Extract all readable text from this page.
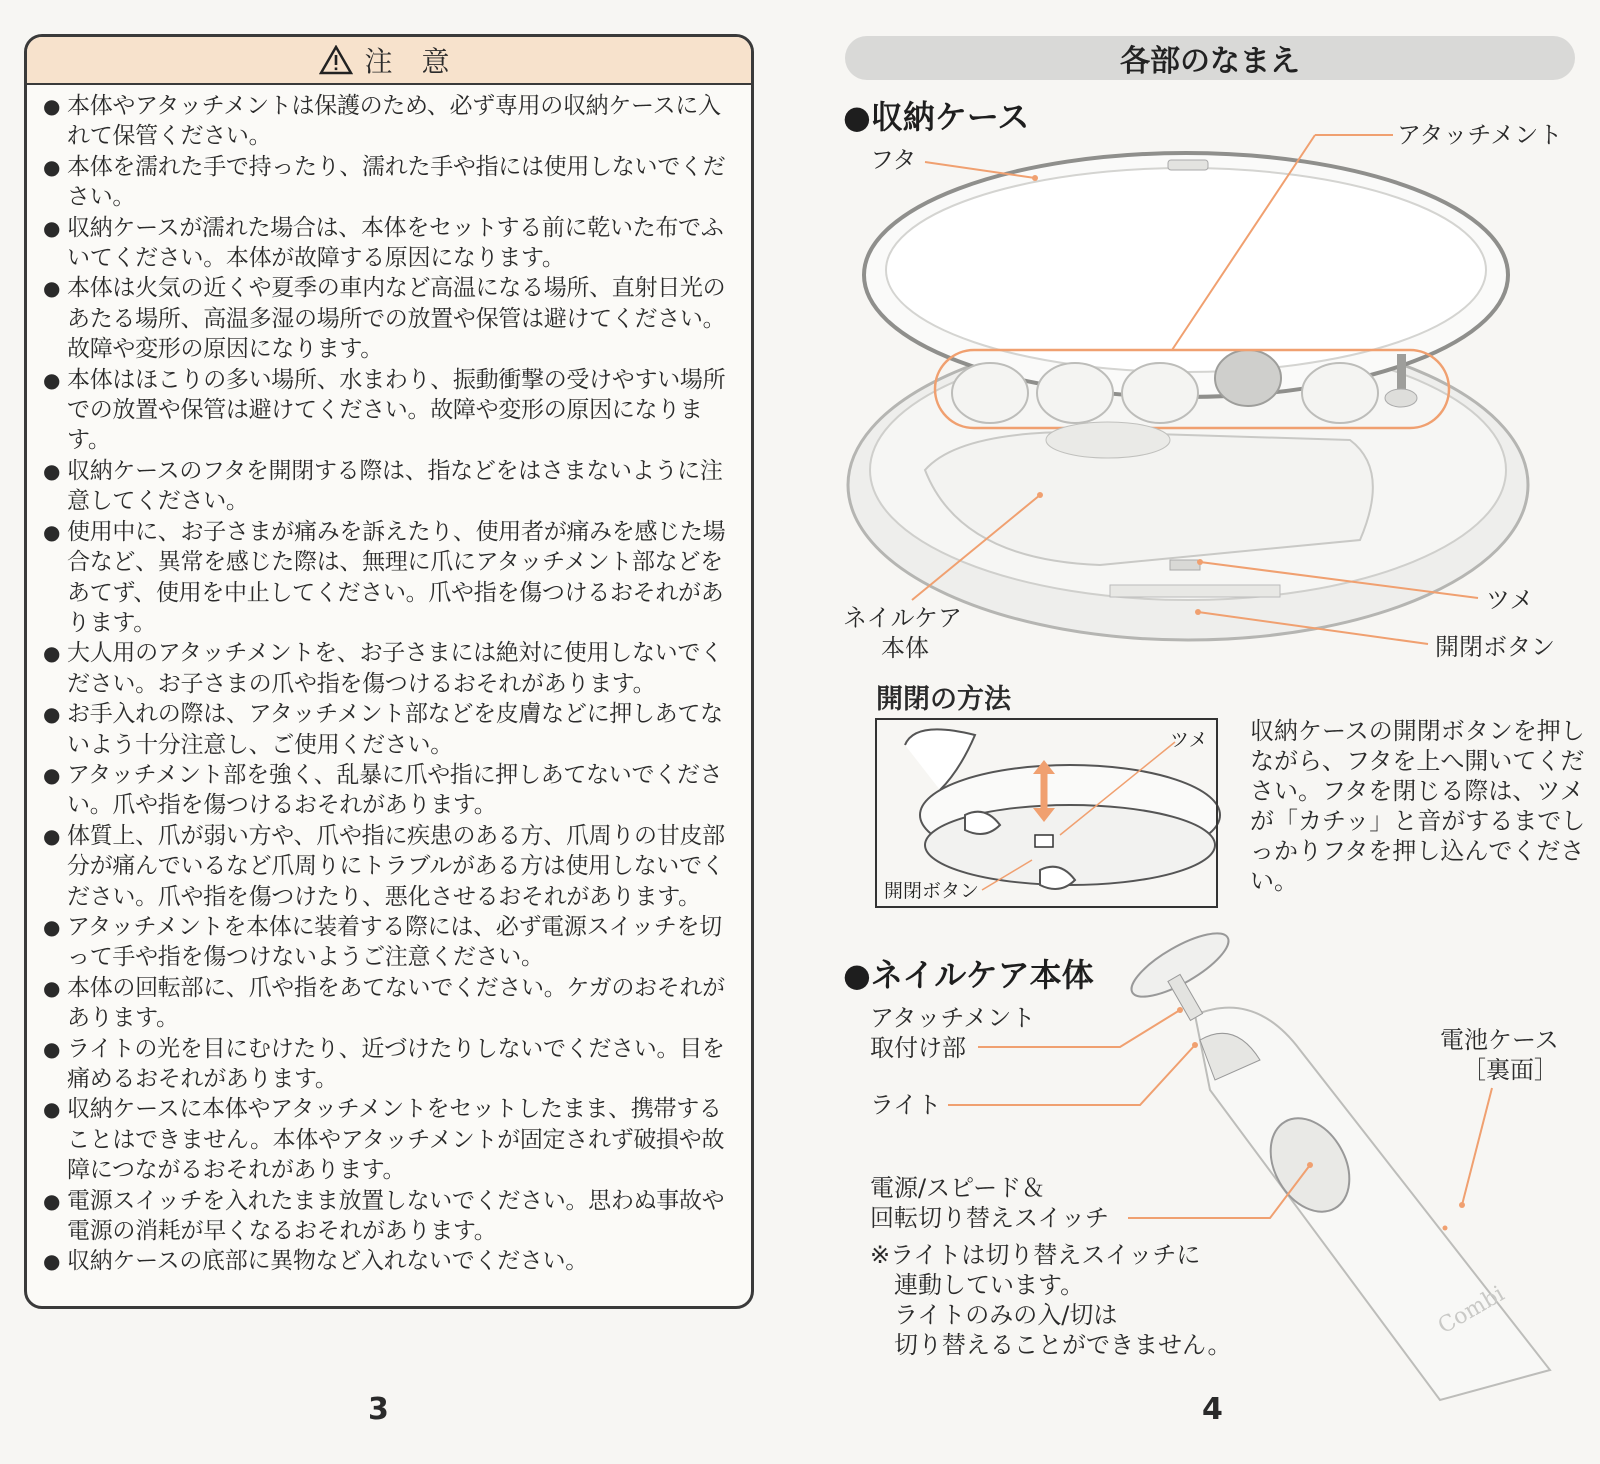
注 意
● 本体やアタッチメントは保護のため、必ず専用の収納ケースに入れて保管ください。
● 本体を濡れた手で持ったり、濡れた手や指には使用しないでください。
● 収納ケースが濡れた場合は、本体をセットする前に乾いた布でふいてください。本体が故障する原因になります。
● 本体は火気の近くや夏季の車内など高温になる場所、直射日光のあたる場所、高温多湿の場所での放置や保管は避けてください。故障や変形の原因になります。
● 本体はほこりの多い場所、水まわり、振動衝撃の受けやすい場所での放置や保管は避けてください。故障や変形の原因になります。
● 収納ケースのフタを開閉する際は、指などをはさまないように注意してください。
● 使用中に、お子さまが痛みを訴えたり、使用者が痛みを感じた場合など、異常を感じた際は、無理に爪にアタッチメント部などをあてず、使用を中止してください。爪や指を傷つけるおそれがあります。
● 大人用のアタッチメントを、お子さまには絶対に使用しないでください。お子さまの爪や指を傷つけるおそれがあります。
● お手入れの際は、アタッチメント部などを皮膚などに押しあてないよう十分注意し、ご使用ください。
● アタッチメント部を強く、乱暴に爪や指に押しあてないでください。爪や指を傷つけるおそれがあります。
● 体質上、爪が弱い方や、爪や指に疾患のある方、爪周りの甘皮部分が痛んでいるなど爪周りにトラブルがある方は使用しないでください。爪や指を傷つけたり、悪化させるおそれがあります。
● アタッチメントを本体に装着する際には、必ず電源スイッチを切って手や指を傷つけないようご注意ください。
● 本体の回転部に、爪や指をあてないでください。ケガのおそれがあります。
● ライトの光を目にむけたり、近づけたりしないでください。目を痛めるおそれがあります。
● 収納ケースに本体やアタッチメントをセットしたまま、携帯することはできません。本体やアタッチメントが固定されず破損や故障につながるおそれがあります。
● 電源スイッチを入れたまま放置しないでください。思わぬ事故や電源の消耗が早くなるおそれがあります。
● 収納ケースの底部に異物など入れないでください。
3
各部のなまえ
●収納ケース
Combi
フタ
アタッチメント
ネイルケア
本体
ツメ
開閉ボタン
開閉の方法
ツメ
開閉ボタン
収納ケースの開閉ボタンを押しながら、フタを上へ開いてください。フタを閉じる際は、ツメが「カチッ」と音がするまでしっかりフタを押し込んでください。
●ネイルケア本体
アタッチメント
取付け部
ライト
電源/スピード＆
回転切り替えスイッチ
電池ケース
［裏面］
※ライトは切り替えスイッチに
　連動しています。
　ライトのみの入/切は
　切り替えることができません。
4
